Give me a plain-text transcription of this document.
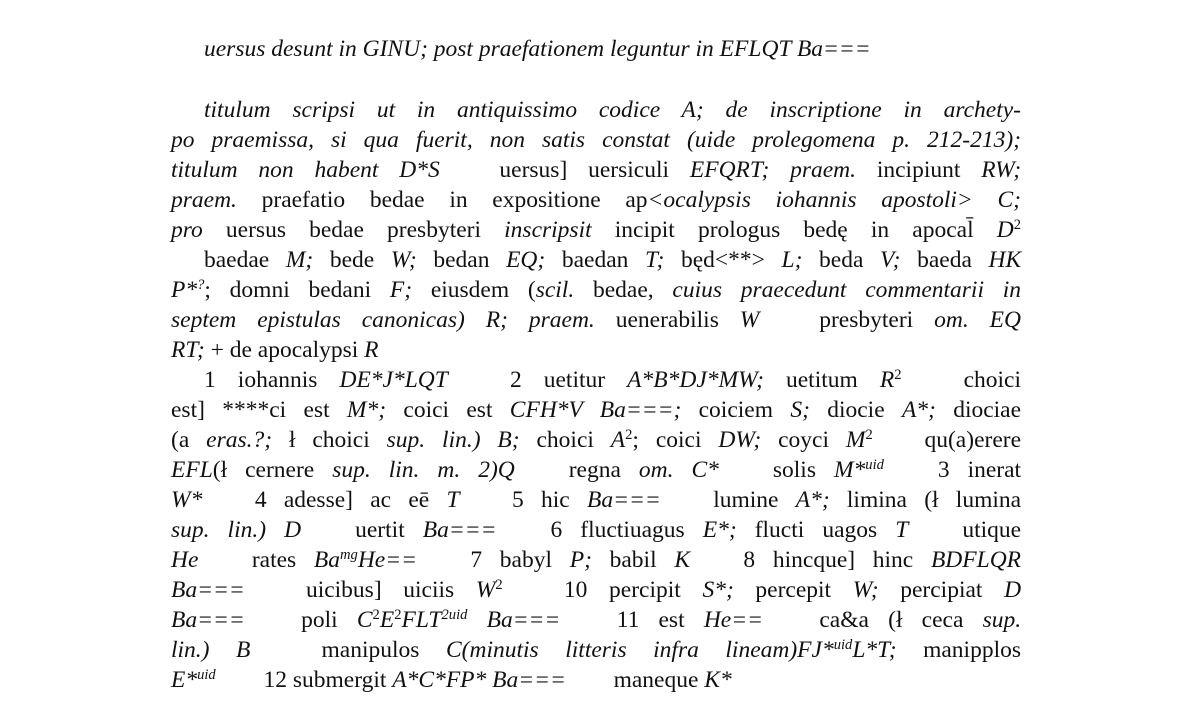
uersus desunt in GINU; post praefationem leguntur in EFLQT Ba===
titulum scripsi ut in antiquissimo codice A; de inscriptione in archety-
po praemissa, si qua fuerit, non satis constat (uide prolegomena p. 212-213);
titulum non habent D*S	uersus] uersiculi EFQRT; praem. incipiunt RW;
praem. praefatio bedae in expositione ap<ocalypsis iohannis apostoli> C;
pro uersus bedae presbyteri inscripsit incipit prologus bedę in apocal̄ $D^2$
baedae M; bede W; bedan EQ; baedan T; będ<**> L; beda V; baeda HK
P*?; domni bedani F; eiusdem (scil. bedae, cuius praecedunt commentarii in
septem epistulas canonicas) R; praem. uenerabilis W	presbyteri om. EQ
RT; + de apocalypsi R
1 iohannis DE*J*LQT	2 uetitur A*B*DJ*MW; uetitum $R^2$	choici
est] ****ci est M*; coici est CFH*V Ba===; coiciem S; diocie A*; diociae
(a eras.?; ł choici sup. lin.) B; choici $A^2$; coici DW; coyci $M^2$ qu(a)erere
EFL(ł cernere sup. lin. m. 2)Q regna om. C* solis M*$^{uid}$ 3 inerat
W* 4 adesse] ac eē T 5 hic Ba=== lumine A*; limina (ł lumina
sup. lin.) D uertit Ba=== 6 fluctiuagus E*; flucti uagos T utique
He rates $Ba^{mg}He== 7$ babyl P; babil K 8 hincque] hinc BDFLQR
Ba===	uicibus] uiciis $W^2$	10 percipit S*; percepit W; percipiat D
Ba=== poli $C^2E^2FLT^{2uid}$ Ba=== 11 est He== ca&a (ł ceca sup.
lin.) B	manipulos C(minutis litteris infra lineam)FJ*$^{uid}$L*T; manipplos
E*$^{uid}$ 12 submergit A*C*FP* Ba=== maneque K*
